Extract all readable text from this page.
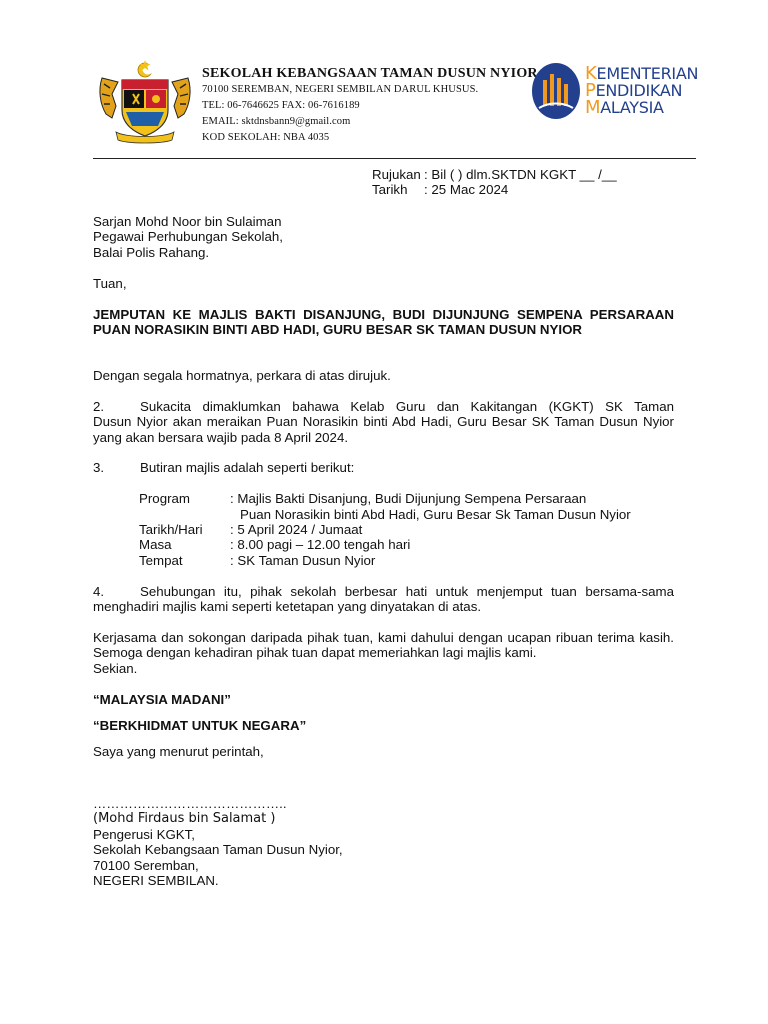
SEKOLAH KEBANGSAAN TAMAN DUSUN NYIOR
70100 SEREMBAN, NEGERI SEMBILAN DARUL KHUSUS.
TEL: 06-7646625 FAX: 06-7616189
EMAIL: sktdnsbann9@gmail.com
KOD SEKOLAH: NBA 4035
KEMENTERIAN
PENDIDIKAN
MALAYSIA
Rujukan : Bil ( ) dlm.SKTDN KGKT __ /__
Tarikh : 25 Mac 2024
Sarjan Mohd Noor bin Sulaiman
Pegawai Perhubungan Sekolah,
Balai Polis Rahang.
Tuan,
JEMPUTAN KE MAJLIS BAKTI DISANJUNG, BUDI DIJUNJUNG SEMPENA PERSARAAN PUAN NORASIKIN BINTI ABD HADI, GURU BESAR SK TAMAN DUSUN NYIOR
Dengan segala hormatnya, perkara di atas dirujuk.
2.	Sukacita dimaklumkan bahawa Kelab Guru dan Kakitangan (KGKT) SK Taman
Dusun Nyior akan meraikan Puan Norasikin binti Abd Hadi, Guru Besar SK Taman Dusun Nyior yang akan bersara wajib pada 8 April 2024.
3.	Butiran majlis adalah seperti berikut:
Program	: Majlis Bakti Disanjung, Budi Dijunjung Sempena Persaraan
Puan Norasikin binti Abd Hadi, Guru Besar Sk Taman Dusun Nyior
Tarikh/Hari : 5 April 2024 / Jumaat
Masa	: 8.00 pagi – 12.00 tengah hari
Tempat	: SK Taman Dusun Nyior
4.	Sehubungan itu, pihak sekolah berbesar hati untuk menjemput tuan bersama-sama
menghadiri majlis kami seperti ketetapan yang dinyatakan di atas.
Kerjasama dan sokongan daripada pihak tuan, kami dahului dengan ucapan ribuan terima kasih. Semoga dengan kehadiran pihak tuan dapat memeriahkan lagi majlis kami.
Sekian.
“MALAYSIA MADANI”
“BERKHIDMAT UNTUK NEGARA”
Saya yang menurut perintah,
……………………………………..
(Mohd Firdaus bin Salamat )
Pengerusi KGKT,
Sekolah Kebangsaan Taman Dusun Nyior,
70100 Seremban,
NEGERI SEMBILAN.
